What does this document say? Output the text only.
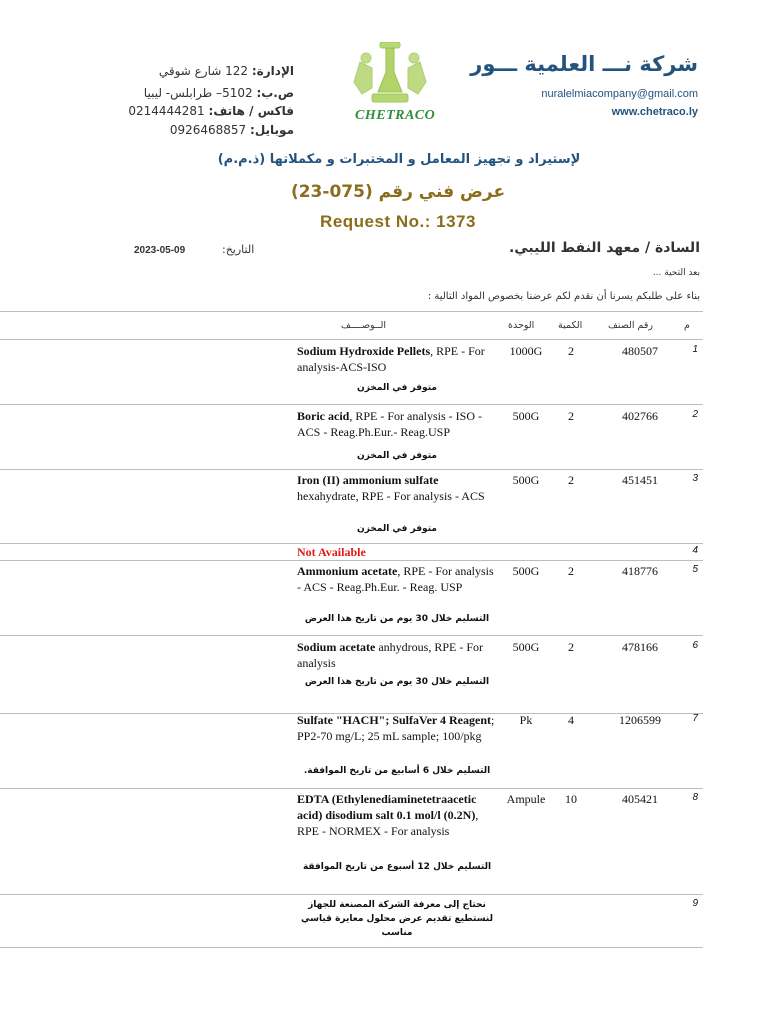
شركة نـــ العلمية ـــور
nuralelmiacompany@gmail.com
www.chetraco.ly
الإدارة: 122 شارع شوقي
ص.ب: 5102– طرابلس- ليبيا
فاكس / هاتف: 0214444281
موبايل: 0926468857
CHETRACO
لإستيراد و تجهيز المعامل و المختبرات و مكملاتها (ذ.م.م)
عرض فني رقم (075-23)
Request No.: 1373
السادة / معهد النفط الليبي.
التاريخ:
2023-05-09
بعد التحية ...
بناء على طلبكم يسرنا أن نقدم لكم عرضنا بخصوص المواد التالية :
م
رقم الصنف
الكمية
الوحدة
الــوصــــف
1
480507
2
1000G
Sodium Hydroxide Pellets, RPE - For analysis-ACS-ISO
متوفر في المخزن
2
402766
2
500G
Boric acid, RPE - For analysis - ISO - ACS - Reag.Ph.Eur.- Reag.USP
متوفر في المخزن
3
451451
2
500G
Iron (II) ammonium sulfate
hexahydrate, RPE - For analysis - ACS
متوفر في المخزن
4
Not Available
5
418776
2
500G
Ammonium acetate, RPE - For analysis - ACS - Reag.Ph.Eur. - Reag. USP
التسليم خلال 30 يوم من تاريخ هذا العرض
6
478166
2
500G
Sodium acetate anhydrous, RPE - For analysis
التسليم خلال 30 يوم من تاريخ هذا العرض
7
1206599
4
Pk
Sulfate "HACH"; SulfaVer 4 Reagent; PP2-70 mg/L; 25 mL sample; 100/pkg
التسليم خلال 6 أسابيع من تاريخ الموافقة.
8
405421
10
Ampule
EDTA (Ethylenediaminetetraacetic acid) disodium salt 0.1 mol/l (0.2N), RPE - NORMEX - For analysis
التسليم خلال 12 أسبوع من تاريخ الموافقة
9
نحتاج إلى معرفة الشركة المصنعة للجهاز لنستطيع تقديم عرض محلول معايرة قياسي مناسب
